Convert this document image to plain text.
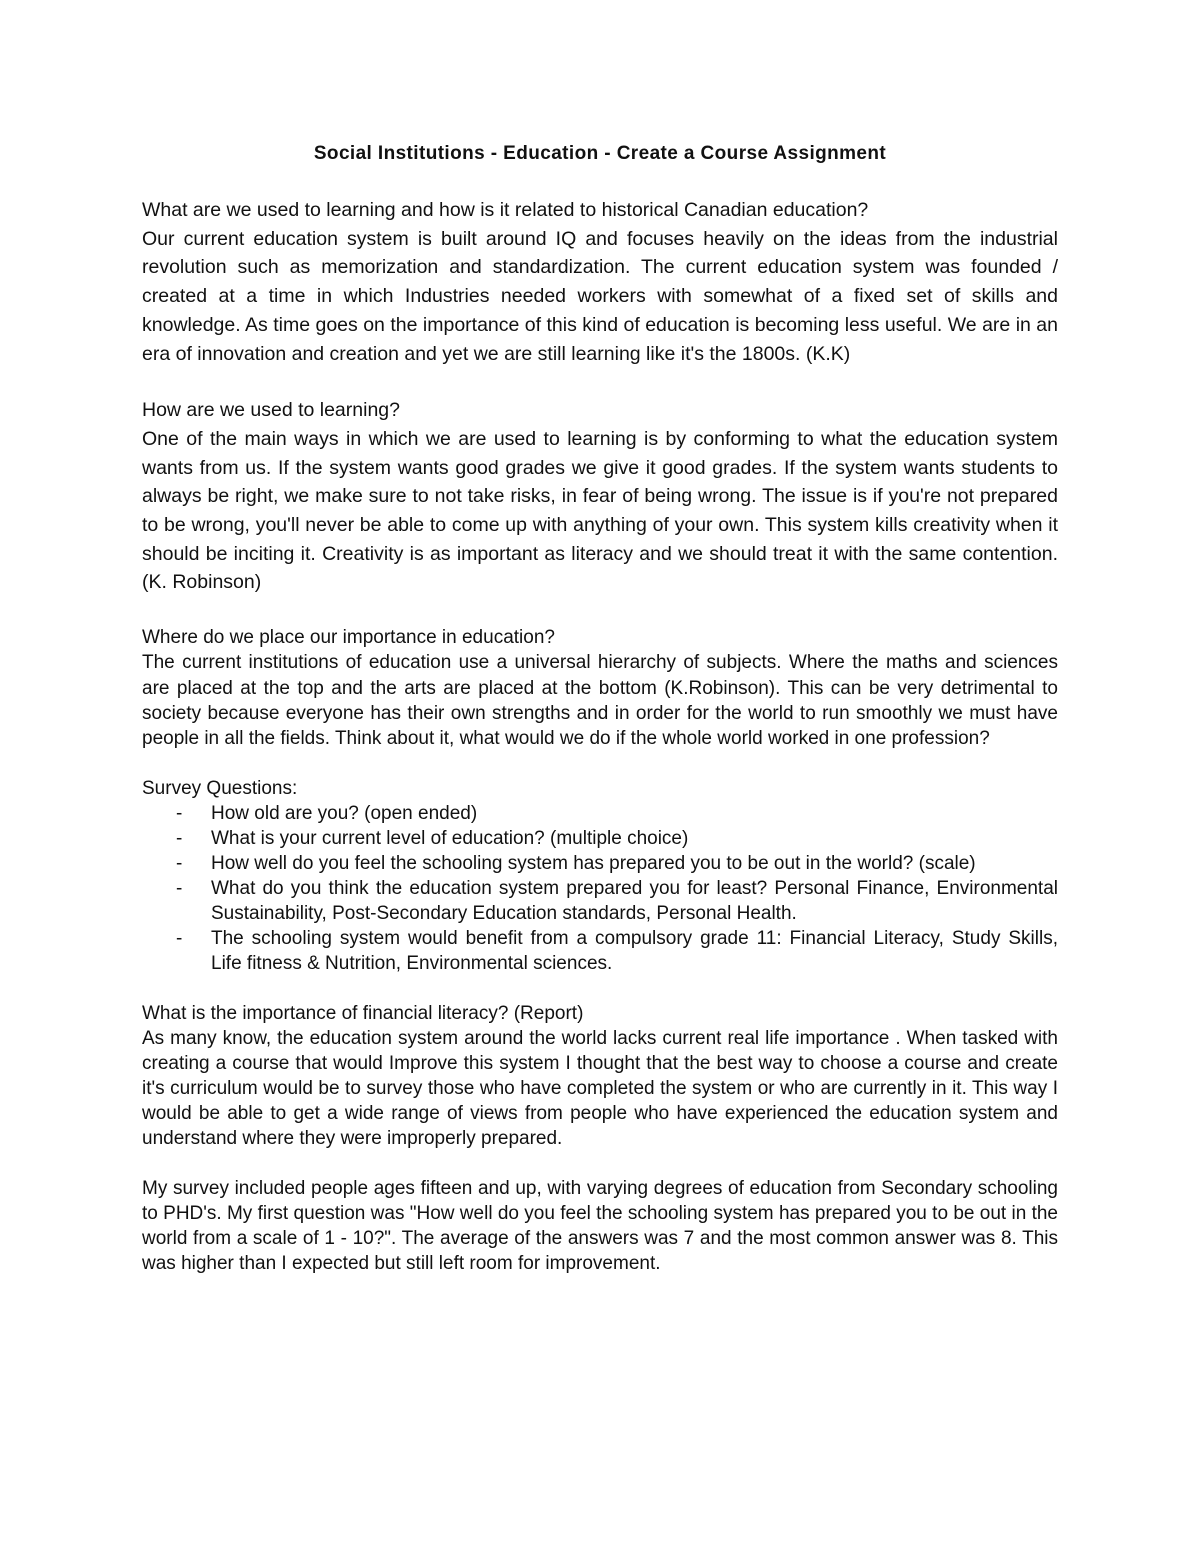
Social Institutions - Education - Create a Course Assignment
What are we used to learning and how is it related to historical Canadian education?
Our current education system is built around IQ and focuses heavily on the ideas from the industrial revolution such as memorization and standardization. The current education system was founded / created at a time in which Industries needed workers with somewhat of a fixed set of skills and knowledge. As time goes on the importance of this kind of education is becoming less useful. We are in an era of innovation and creation and yet we are still learning like it's the 1800s. (K.K)
How are we used to learning?
One of the main ways in which we are used to learning is by conforming to what the education system wants from us. If the system wants good grades we give it good grades. If the system wants students to always be right, we make sure to not take risks, in fear of being wrong. The issue is if you're not prepared to be wrong, you'll never be able to come up with anything of your own. This system kills creativity when it should be inciting it. Creativity is as important as literacy and we should treat it with the same contention. (K. Robinson)
Where do we place our importance in education?
The current institutions of education use a universal hierarchy of subjects. Where the maths and sciences are placed at the top and the arts are placed at the bottom (K.Robinson). This can be very detrimental to society because everyone has their own strengths and in order for the world to run smoothly we must have people in all the fields. Think about it, what would we do if the whole world worked in one profession?
Survey Questions:
- How old are you? (open ended)
- What is your current level of education? (multiple choice)
- How well do you feel the schooling system has prepared you to be out in the world? (scale)
- What do you think the education system prepared you for least? Personal Finance, Environmental Sustainability, Post-Secondary Education standards, Personal Health.
- The schooling system would benefit from a compulsory grade 11: Financial Literacy, Study Skills, Life fitness & Nutrition, Environmental sciences.
What is the importance of financial literacy? (Report)
As many know, the education system around the world lacks current real life importance . When tasked with creating a course that would Improve this system I thought that the best way to choose a course and create it's curriculum would be to survey those who have completed the system or who are currently in it. This way I would be able to get a wide range of views from people who have experienced the education system and understand where they were improperly prepared.
My survey included people ages fifteen and up, with varying degrees of education from Secondary schooling to PHD's. My first question was "How well do you feel the schooling system has prepared you to be out in the world from a scale of 1 - 10?". The average of the answers was 7 and the most common answer was 8. This was higher than I expected but still left room for improvement.
